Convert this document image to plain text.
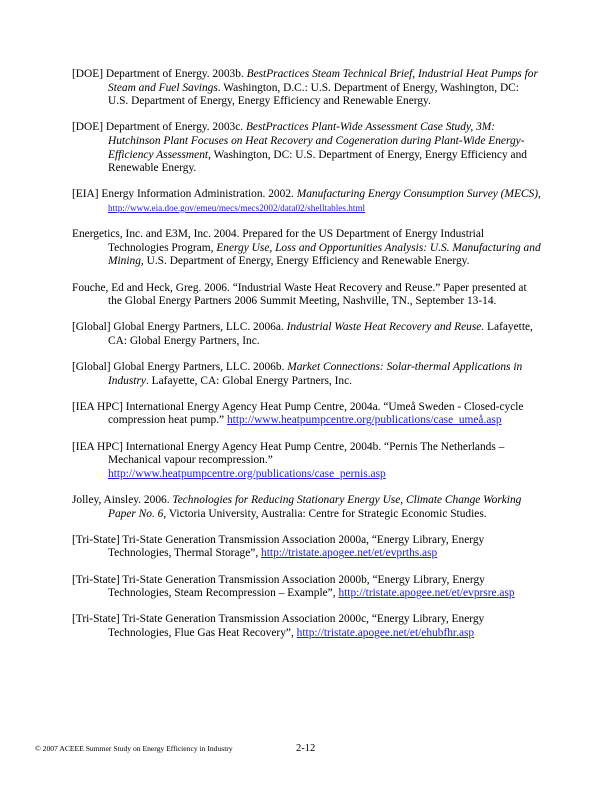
[DOE] Department of Energy. 2003b. BestPractices Steam Technical Brief, Industrial Heat Pumps for Steam and Fuel Savings. Washington, D.C.: U.S. Department of Energy, Washington, DC: U.S. Department of Energy, Energy Efficiency and Renewable Energy.

[DOE] Department of Energy. 2003c. BestPractices Plant-Wide Assessment Case Study, 3M: Hutchinson Plant Focuses on Heat Recovery and Cogeneration during Plant-Wide Energy-Efficiency Assessment, Washington, DC: U.S. Department of Energy, Energy Efficiency and Renewable Energy.

[EIA] Energy Information Administration. 2002. Manufacturing Energy Consumption Survey (MECS), http://www.eia.doe.gov/emeu/mecs/mecs2002/data02/shelltables.html

Energetics, Inc. and E3M, Inc. 2004. Prepared for the US Department of Energy Industrial Technologies Program, Energy Use, Loss and Opportunities Analysis: U.S. Manufacturing and Mining, U.S. Department of Energy, Energy Efficiency and Renewable Energy.

Fouche, Ed and Heck, Greg. 2006. “Industrial Waste Heat Recovery and Reuse.” Paper presented at the Global Energy Partners 2006 Summit Meeting, Nashville, TN., September 13-14.

[Global] Global Energy Partners, LLC. 2006a. Industrial Waste Heat Recovery and Reuse. Lafayette, CA: Global Energy Partners, Inc.

[Global] Global Energy Partners, LLC. 2006b. Market Connections: Solar-thermal Applications in Industry. Lafayette, CA: Global Energy Partners, Inc.

[IEA HPC] International Energy Agency Heat Pump Centre, 2004a. “Umeå Sweden - Closed-cycle compression heat pump.” http://www.heatpumpcentre.org/publications/case_umeå.asp

[IEA HPC] International Energy Agency Heat Pump Centre, 2004b. “Pernis The Netherlands – Mechanical vapour recompression.” http://www.heatpumpcentre.org/publications/case_pernis.asp

Jolley, Ainsley. 2006. Technologies for Reducing Stationary Energy Use, Climate Change Working Paper No. 6, Victoria University, Australia: Centre for Strategic Economic Studies.

[Tri-State] Tri-State Generation Transmission Association 2000a, “Energy Library, Energy Technologies, Thermal Storage”, http://tristate.apogee.net/et/evprths.asp

[Tri-State] Tri-State Generation Transmission Association 2000b, “Energy Library, Energy Technologies, Steam Recompression – Example”, http://tristate.apogee.net/et/evprsre.asp

[Tri-State] Tri-State Generation Transmission Association 2000c, “Energy Library, Energy Technologies, Flue Gas Heat Recovery”, http://tristate.apogee.net/et/ehubfhr.asp

© 2007 ACEEE Summer Study on Energy Efficiency in Industry	2-12
